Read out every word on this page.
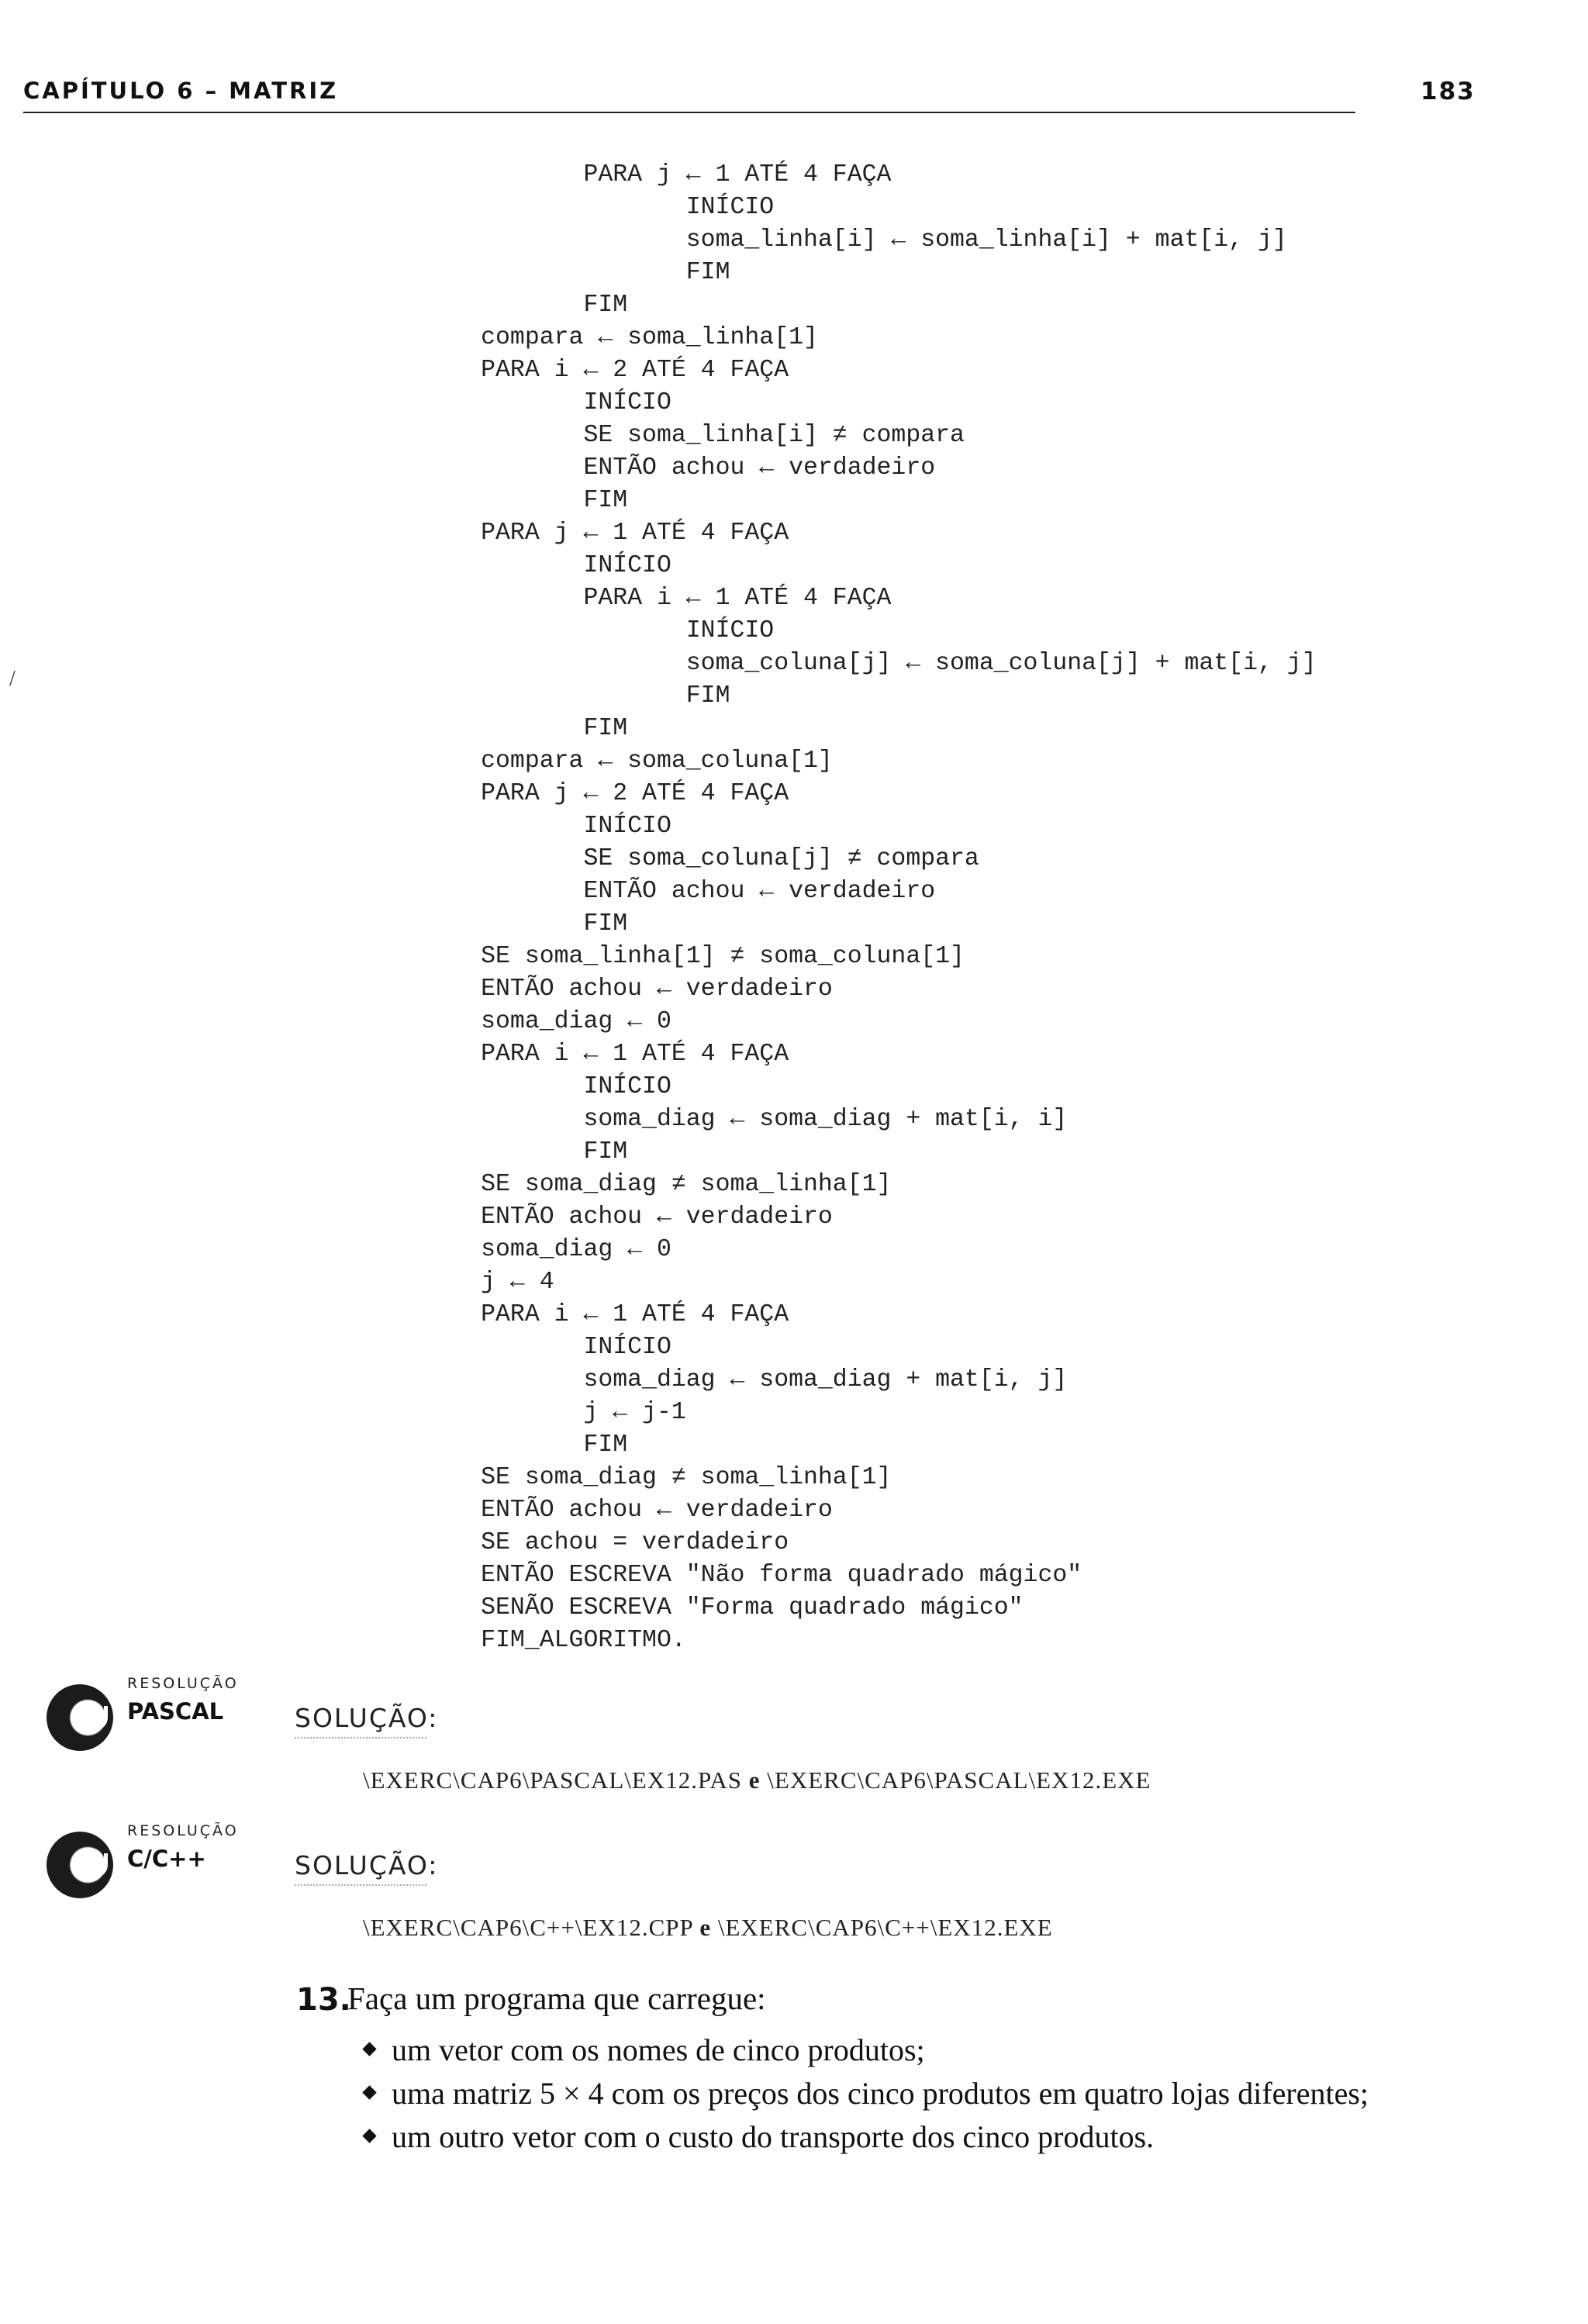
CAPÍTULO 6 – MATRIZ	183
/
PARA j ← 1 ATÉ 4 FAÇA
INÍCIO
soma_linha[i] ← soma_linha[i] + mat[i, j]
FIM
FIM
compara ← soma_linha[1]
PARA i ← 2 ATÉ 4 FAÇA
INÍCIO
SE soma_linha[i] ≠ compara
ENTÃO achou ← verdadeiro
FIM
PARA j ← 1 ATÉ 4 FAÇA
INÍCIO
PARA i ← 1 ATÉ 4 FAÇA
INÍCIO
soma_coluna[j] ← soma_coluna[j] + mat[i, j]
FIM
FIM
compara ← soma_coluna[1]
PARA j ← 2 ATÉ 4 FAÇA
INÍCIO
SE soma_coluna[j] ≠ compara
ENTÃO achou ← verdadeiro
FIM
SE soma_linha[1] ≠ soma_coluna[1]
ENTÃO achou ← verdadeiro
soma_diag ← 0
PARA i ← 1 ATÉ 4 FAÇA
INÍCIO
soma_diag ← soma_diag + mat[i, i]
FIM
SE soma_diag ≠ soma_linha[1]
ENTÃO achou ← verdadeiro
soma_diag ← 0
j ← 4
PARA i ← 1 ATÉ 4 FAÇA
INÍCIO
soma_diag ← soma_diag + mat[i, j]
j ← j-1
FIM
SE soma_diag ≠ soma_linha[1]
ENTÃO achou ← verdadeiro
SE achou = verdadeiro
ENTÃO ESCREVA "Não forma quadrado mágico"
SENÃO ESCREVA "Forma quadrado mágico"
FIM_ALGORITMO.
RESOLUÇÃO
PASCAL	SOLUÇÃO:
\EXERC\CAP6\PASCAL\EX12.PAS e \EXERC\CAP6\PASCAL\EX12.EXE
RESOLUÇÃO
C/C++	SOLUÇÃO:
\EXERC\CAP6\C++\EX12.CPP e \EXERC\CAP6\C++\EX12.EXE
13.
Faça um programa que carregue:
um vetor com os nomes de cinco produtos;
uma matriz 5 × 4 com os preços dos cinco produtos em quatro lojas diferentes;
um outro vetor com o custo do transporte dos cinco produtos.
